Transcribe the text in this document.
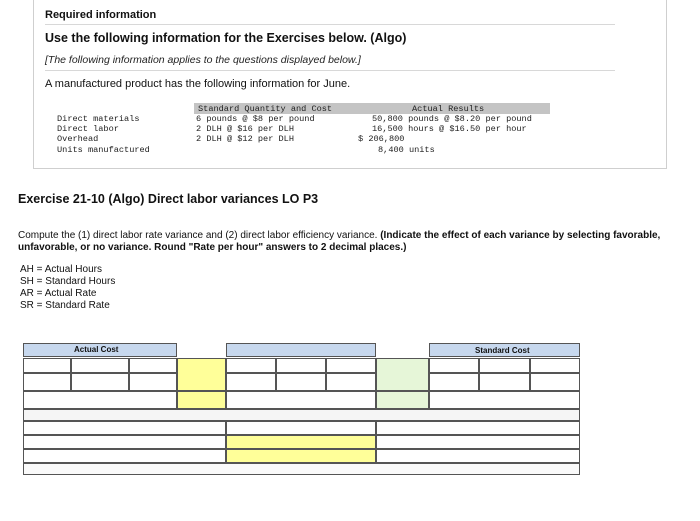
Required information
Use the following information for the Exercises below. (Algo)
[The following information applies to the questions displayed below.]
A manufactured product has the following information for June.
Standard Quantity and Cost	Actual Results
Direct materials
Direct labor
Overhead
Units manufactured
6 pounds @ $8 per pound
2 DLH @ $16 per DLH
2 DLH @ $12 per DLH
50,800 pounds @ $8.20 per pound
16,500 hours @ $16.50 per hour
$ 206,800
8,400 units
Exercise 21-10 (Algo) Direct labor variances LO P3
Compute the (1) direct labor rate variance and (2) direct labor efficiency variance. (Indicate the effect of each variance by selecting favorable, unfavorable, or no variance. Round "Rate per hour" answers to 2 decimal places.)
AH = Actual Hours
SH = Standard Hours
AR = Actual Rate
SR = Standard Rate
Actual Cost	Standard Cost
